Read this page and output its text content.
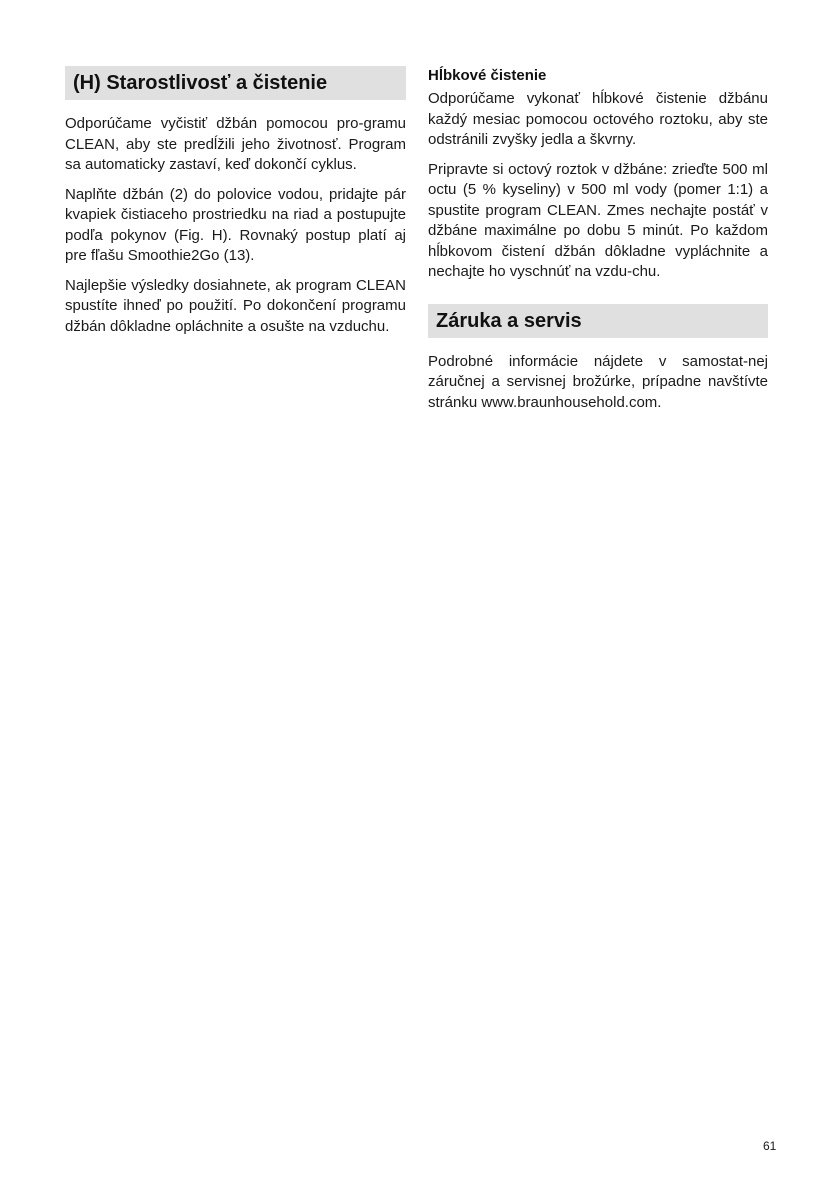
(H) Starostlivosť a čistenie

Odporúčame vyčistiť džbán pomocou pro-gramu CLEAN, aby ste predĺžili jeho životnosť. Program sa automaticky zastaví, keď dokončí cyklus.

Naplňte džbán (2) do polovice vodou, pridajte pár kvapiek čistiaceho prostriedku na riad a postupujte podľa pokynov (Fig. H). Rovnaký postup platí aj pre fľašu Smoothie2Go (13).

Najlepšie výsledky dosiahnete, ak program CLEAN spustíte ihneď po použití. Po dokončení programu džbán dôkladne opláchnite a osušte na vzduchu.

Hĺbkové čistenie

Odporúčame vykonať hĺbkové čistenie džbánu každý mesiac pomocou octového roztoku, aby ste odstránili zvyšky jedla a škvrny.

Pripravte si octový roztok v džbáne: zrieďte 500 ml octu (5 % kyseliny) v 500 ml vody (pomer 1:1) a spustite program CLEAN. Zmes nechajte postáť v džbáne maximálne po dobu 5 minút. Po každom hĺbkovom čistení džbán dôkladne vypláchnite a nechajte ho vyschnúť na vzdu-chu.

Záruka a servis

Podrobné informácie nájdete v samostat-nej záručnej a servisnej brožúrke, prípadne navštívte stránku www.braunhousehold.com.

61
